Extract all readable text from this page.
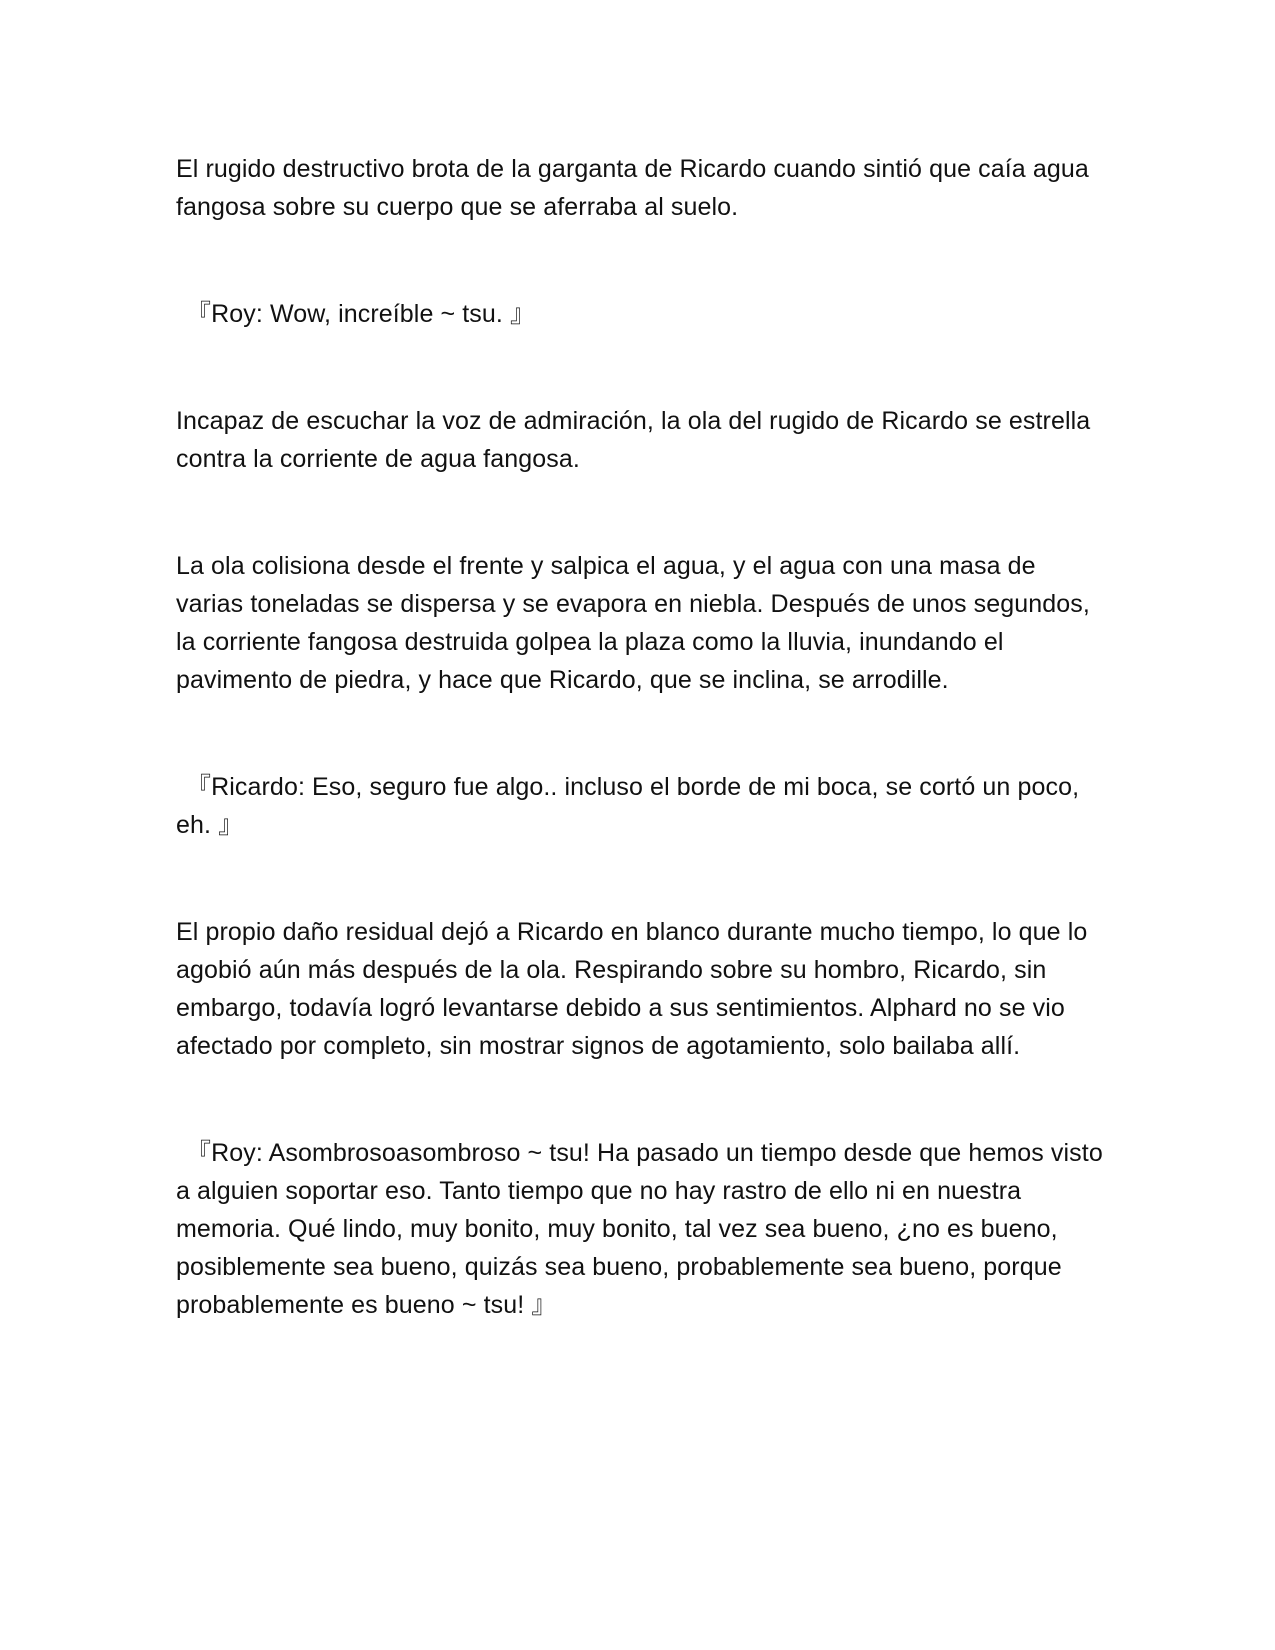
El rugido destructivo brota de la garganta de Ricardo cuando sintió que caía agua fangosa sobre su cuerpo que se aferraba al suelo.

『Roy: Wow, increíble ~ tsu. 』

Incapaz de escuchar la voz de admiración, la ola del rugido de Ricardo se estrella contra la corriente de agua fangosa.

La ola colisiona desde el frente y salpica el agua, y el agua con una masa de varias toneladas se dispersa y se evapora en niebla. Después de unos segundos, la corriente fangosa destruida golpea la plaza como la lluvia, inundando el pavimento de piedra, y hace que Ricardo, que se inclina, se arrodille.

『Ricardo: Eso, seguro fue algo.. incluso el borde de mi boca, se cortó un poco, eh. 』

El propio daño residual dejó a Ricardo en blanco durante mucho tiempo, lo que lo agobió aún más después de la ola. Respirando sobre su hombro, Ricardo, sin embargo, todavía logró levantarse debido a sus sentimientos. Alphard no se vio afectado por completo, sin mostrar signos de agotamiento, solo bailaba allí.

『Roy: Asombrosoasombroso ~ tsu! Ha pasado un tiempo desde que hemos visto a alguien soportar eso. Tanto tiempo que no hay rastro de ello ni en nuestra memoria. Qué lindo, muy bonito, muy bonito, tal vez sea bueno, ¿no es bueno, posiblemente sea bueno, quizás sea bueno, probablemente sea bueno, porque probablemente es bueno ~ tsu! 』
